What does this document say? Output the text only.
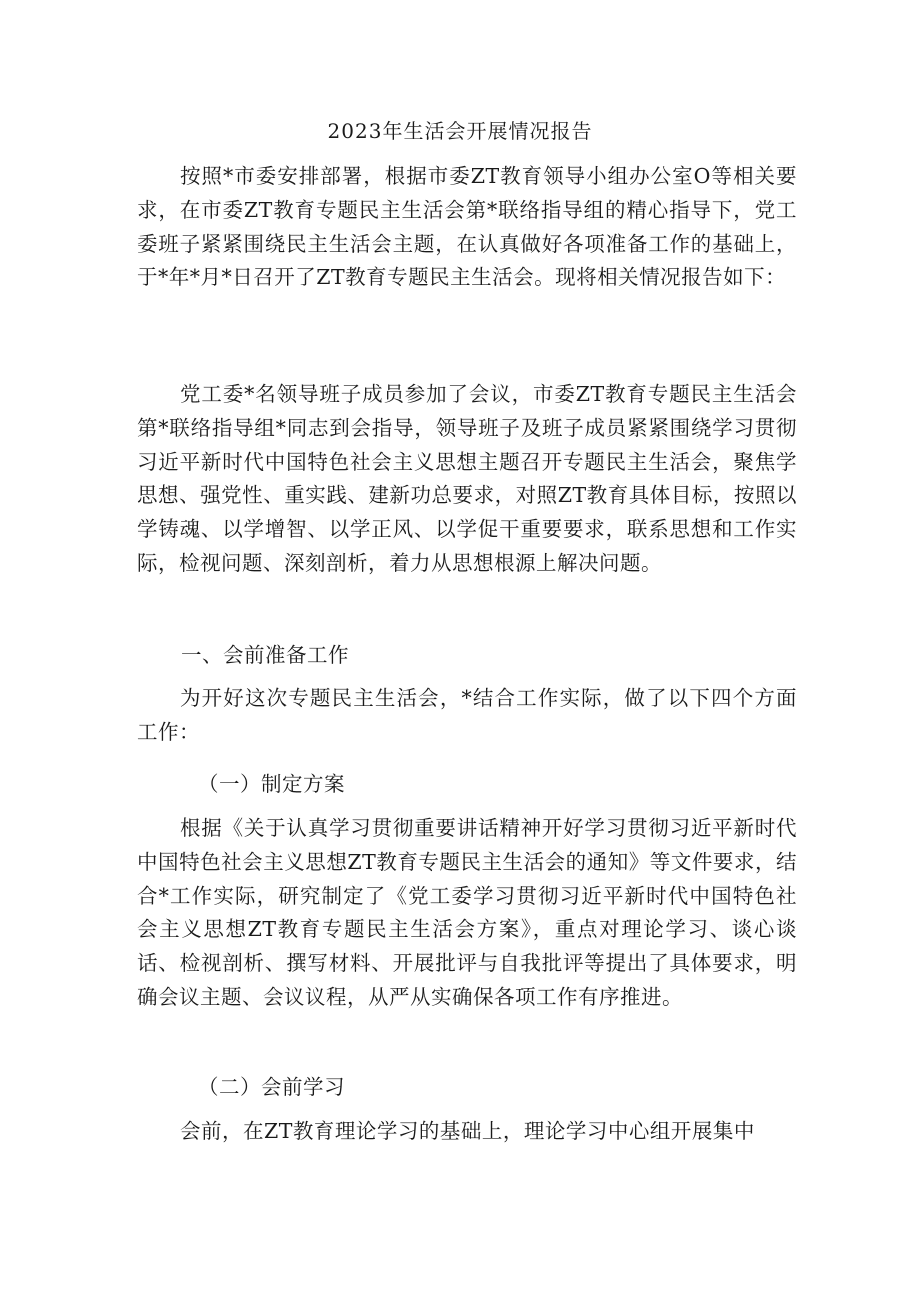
2023年生活会开展情况报告
按照*市委安排部署，根据市委ZT教育领导小组办公室O等相关要求，在市委ZT教育专题民主生活会第*联络指导组的精心指导下，党工委班子紧紧围绕民主生活会主题，在认真做好各项准备工作的基础上，于*年*月*日召开了ZT教育专题民主生活会。现将相关情况报告如下：
党工委*名领导班子成员参加了会议，市委ZT教育专题民主生活会第*联络指导组*同志到会指导，领导班子及班子成员紧紧围绕学习贯彻习近平新时代中国特色社会主义思想主题召开专题民主生活会，聚焦学思想、强党性、重实践、建新功总要求，对照ZT教育具体目标，按照以学铸魂、以学增智、以学正风、以学促干重要要求，联系思想和工作实际，检视问题、深刻剖析，着力从思想根源上解决问题。
一、会前准备工作
为开好这次专题民主生活会，*结合工作实际，做了以下四个方面工作：
（一）制定方案
根据《关于认真学习贯彻重要讲话精神开好学习贯彻习近平新时代中国特色社会主义思想ZT教育专题民主生活会的通知》等文件要求，结合*工作实际，研究制定了《党工委学习贯彻习近平新时代中国特色社会主义思想ZT教育专题民主生活会方案》，重点对理论学习、谈心谈话、检视剖析、撰写材料、开展批评与自我批评等提出了具体要求，明确会议主题、会议议程，从严从实确保各项工作有序推进。
（二）会前学习
会前，在ZT教育理论学习的基础上，理论学习中心组开展集中
